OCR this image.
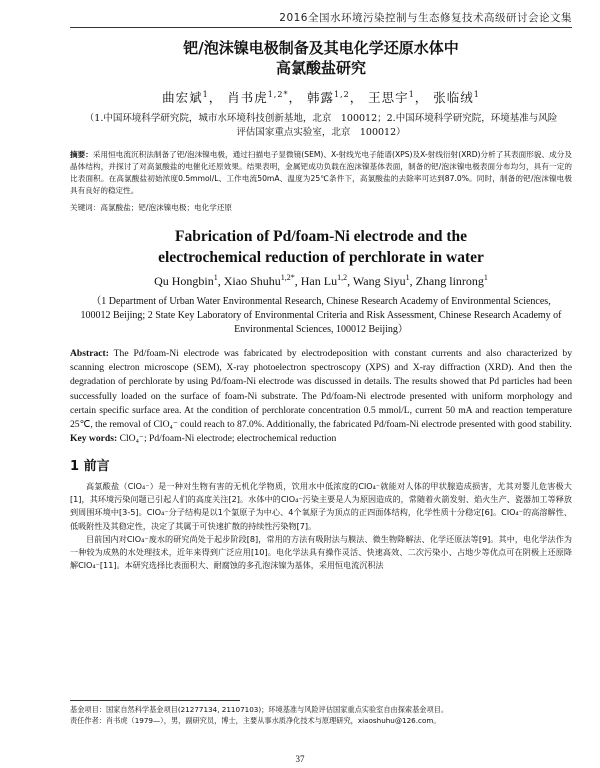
2016全国水环境污染控制与生态修复技术高级研讨会论文集
钯/泡沫镍电极制备及其电化学还原水体中
高氯酸盐研究
曲宏斌$^1$， 肖书虎$^{1,2*}$， 韩露$^{1,2}$， 王思宇$^1$， 张临绒$^1$
（1.中国环境科学研究院，城市水环境科技创新基地，北京　100012；2.中国环境科学研究院，环境基准与风险评估国家重点实验室，北京　100012）
摘要：采用恒电流沉积法制备了钯/泡沫镍电极，通过扫描电子显微镜(SEM)、X-射线光电子能谱(XPS)及X-射线衍射(XRD)分析了其表面形貌、成分及晶体结构，并探讨了对高氯酸盐的电催化还原效果。结果表明，金属钯成功负载在泡沫镍基体表面，制备的钯/泡沫镍电极表面分布均匀，具有一定的比表面积。在高氯酸盐初始浓度0.5mmol/L、工作电流50mA、温度为25℃条件下，高氯酸盐的去除率可达到87.0%。同时，制备的钯/泡沫镍电极具有良好的稳定性。
关键词：高氯酸盐；钯/泡沫镍电极；电化学还原
Fabrication of Pd/foam-Ni electrode and the
electrochemical reduction of perchlorate in water
Qu Hongbin$^1$, Xiao Shuhu$^{1,2*}$, Han Lu$^{1,2}$, Wang Siyu$^1$, Zhang linrong$^1$
（1 Department of Urban Water Environmental Research, Chinese Research Academy of Environmental Sciences, 100012 Beijing; 2 State Key Laboratory of Environmental Criteria and Risk Assessment, Chinese Research Academy of Environmental Sciences, 100012 Beijing）
Abstract: The Pd/foam-Ni electrode was fabricated by electrodeposition with constant currents and also characterized by scanning electron microscope (SEM), X-ray photoelectron spectroscopy (XPS) and X-ray diffraction (XRD). And then the degradation of perchlorate by using Pd/foam-Ni electrode was discussed in details. The results showed that Pd particles had been successfully loaded on the surface of foam-Ni substrate. The Pd/foam-Ni electrode presented with uniform morphology and certain specific surface area. At the condition of perchlorate concentration 0.5 mmol/L, current 50 mA and reaction temperature 25℃, the removal of ClO₄⁻ could reach to 87.0%. Additionally, the fabricated Pd/foam-Ni electrode presented with good stability.
Key words: ClO₄⁻; Pd/foam-Ni electrode; electrochemical reduction
1 前言

高氯酸盐（ClO₄⁻）是一种对生物有害的无机化学物质，饮用水中低浓度的ClO₄⁻就能对人体的甲状腺造成损害，尤其对婴儿危害极大[1]，其环境污染问题已引起人们的高度关注[2]。水体中的ClO₄⁻污染主要是人为原因造成的，常随着火箭发射、焰火生产、瓷器加工等释放到周围环境中[3-5]。ClO₄⁻分子结构是以1个氯原子为中心、4个氧原子为顶点的正四面体结构，化学性质十分稳定[6]。ClO₄⁻的高溶解性、低吸附性及其稳定性，决定了其属于可快速扩散的持续性污染物[7]。

目前国内对ClO₄⁻废水的研究尚处于起步阶段[8]，常用的方法有吸附法与膜法、微生物降解法、化学还原法等[9]。其中，电化学法作为一种较为成熟的水处理技术，近年来得到广泛应用[10]。电化学法具有操作灵活、快速高效、二次污染小、占地少等优点可在阴极上还原降解ClO₄⁻[11]。本研究选择比表面积大、耐腐蚀的多孔泡沫镍为基体，采用恒电流沉积法

基金项目： 国家自然科学基金项目(21277134, 21107103)；环境基准与风险评估国家重点实验室自由探索基金项目。
责任作者： 肖书虎（1979—），男，副研究员，博士，主要从事水质净化技术与原理研究，xiaoshuhu@126.com。
37
